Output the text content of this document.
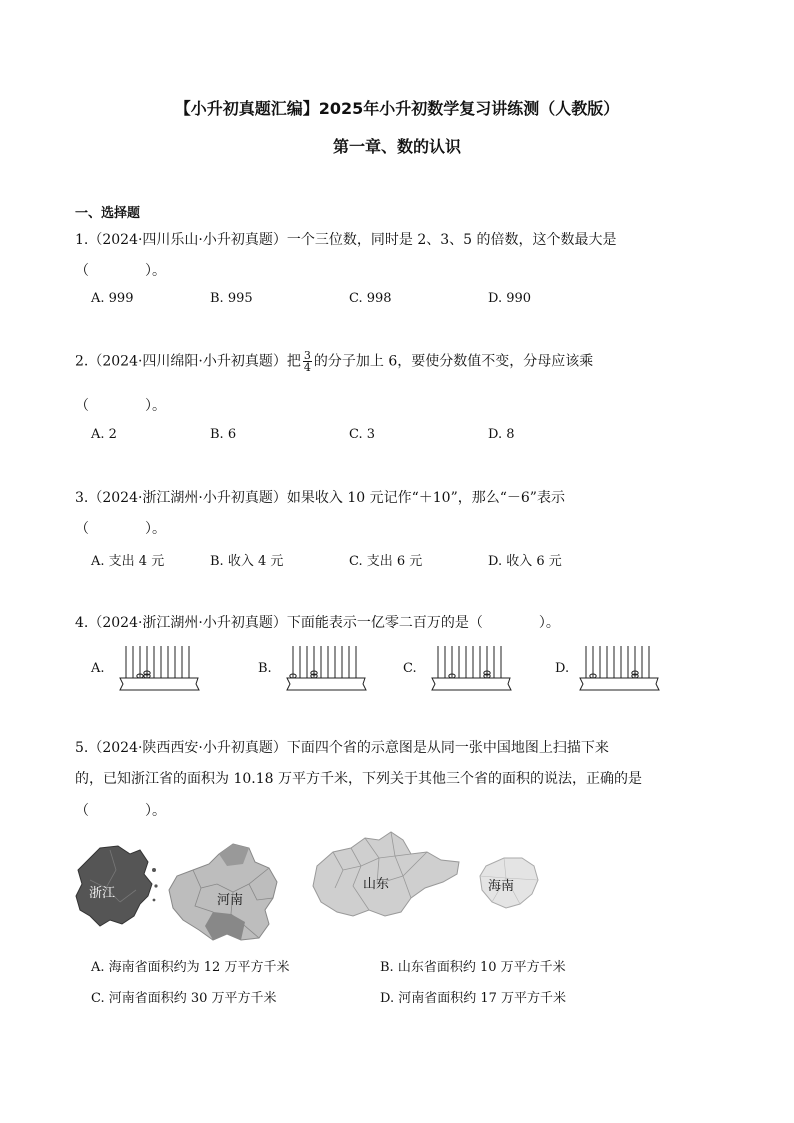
【小升初真题汇编】2025年小升初数学复习讲练测（人教版）
第一章、数的认识
一、选择题
1.（2024·四川乐山·小升初真题）一个三位数，同时是 2、3、5 的倍数，这个数最大是
（　　　　）。
A. 999	B. 995	C. 998	D. 990
2.（2024·四川绵阳·小升初真题）把 $\frac{3}{4}$ 的分子加上 6，要使分数值不变，分母应该乘
（　　　　）。
A. 2	B. 6	C. 3	D. 8
3.（2024·浙江湖州·小升初真题）如果收入 10 元记作“＋10”，那么“－6”表示
（　　　　）。
A. 支出 4 元	B. 收入 4 元	C. 支出 6 元	D. 收入 6 元
4.（2024·浙江湖州·小升初真题）下面能表示一亿零二百万的是（　　　　）。
A.	B.	C.	D.
5.（2024·陕西西安·小升初真题）下面四个省的示意图是从同一张中国地图上扫描下来
的，已知浙江省的面积为 10.18 万平方千米，下列关于其他三个省的面积的说法，正确的是
（　　　　）。
浙江	河南
山东	海南
A. 海南省面积约为 12 万平方千米	B. 山东省面积约 10 万平方千米
C. 河南省面积约 30 万平方千米	D. 河南省面积约 17 万平方千米
